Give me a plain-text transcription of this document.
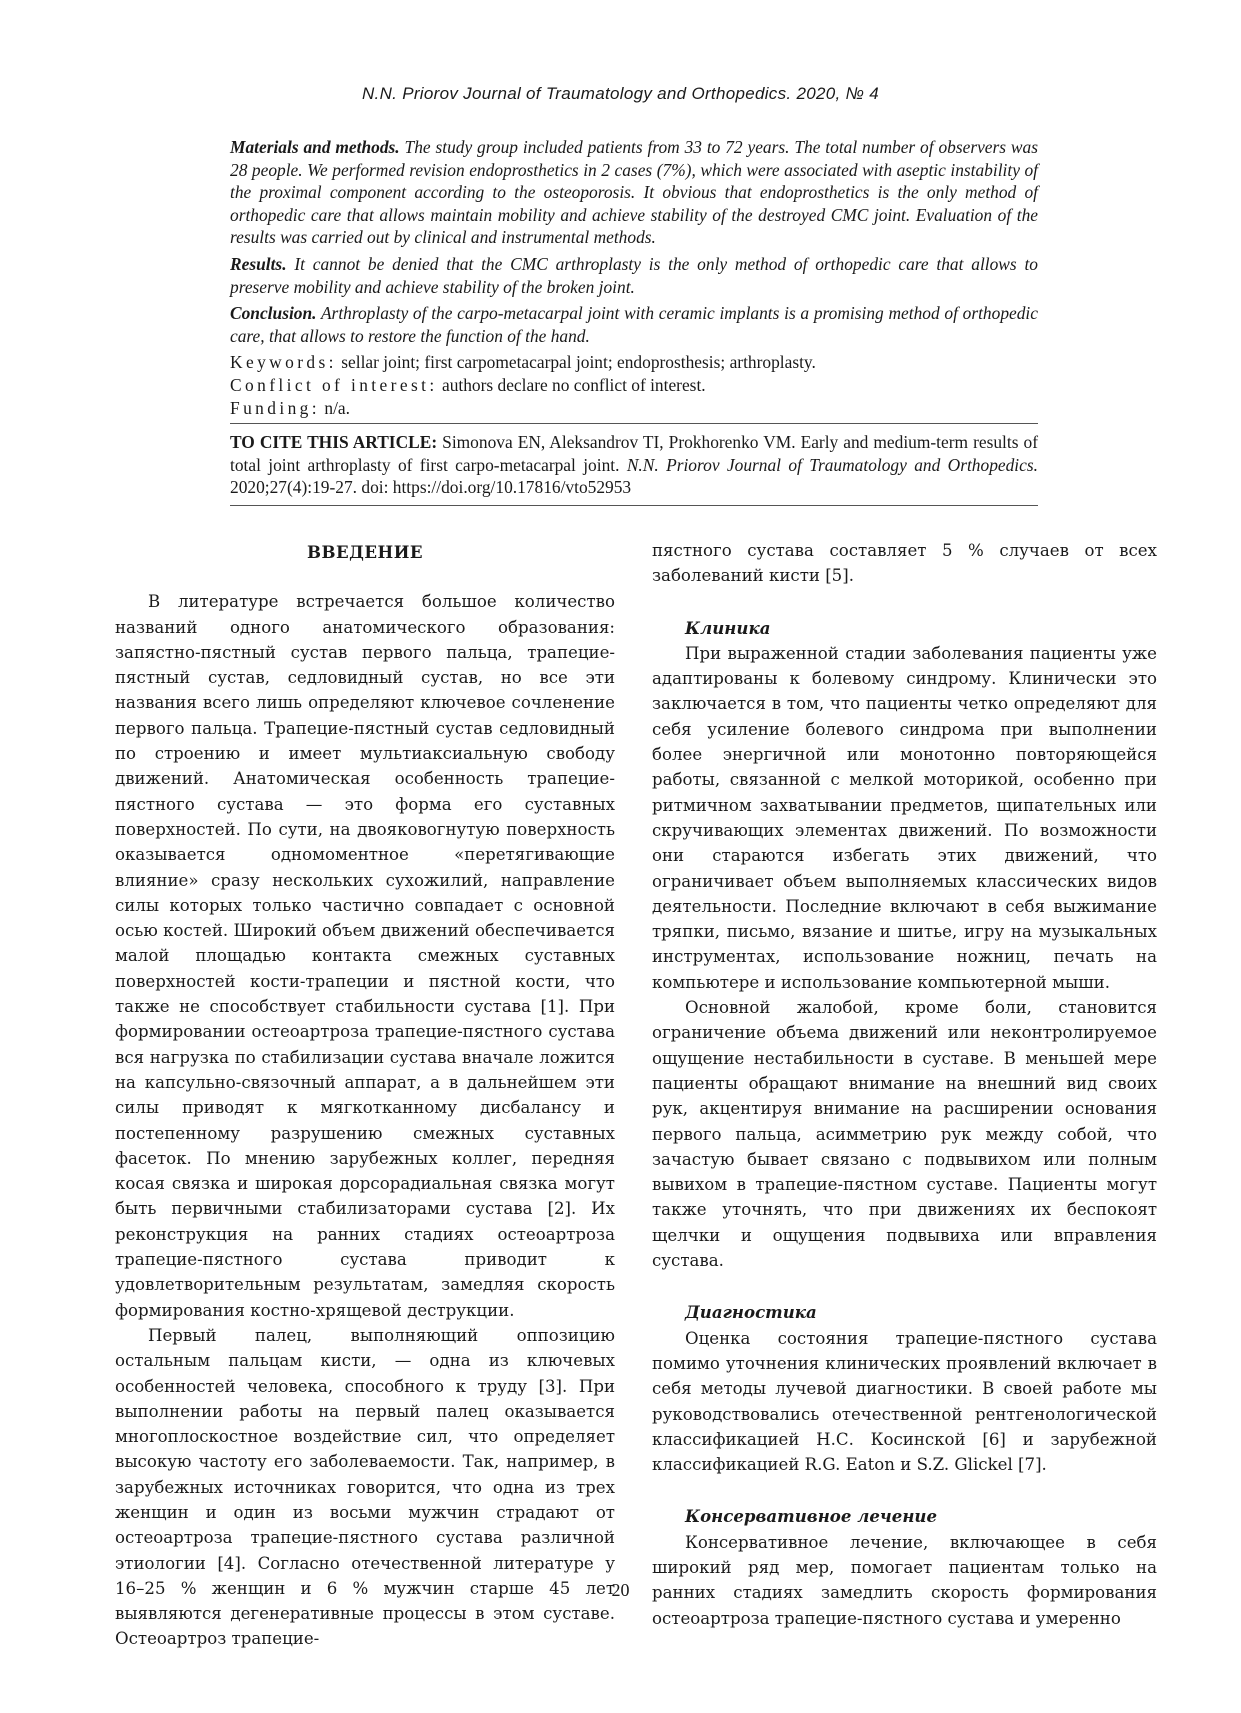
N.N. Priorov Journal of Traumatology and Orthopedics. 2020, № 4

Materials and methods. The study group included patients from 33 to 72 years. The total number of observers was 28 people. We performed revision endoprosthetics in 2 cases (7%), which were associated with aseptic instability of the proximal component according to the osteoporosis. It obvious that endoprosthetics is the only method of orthopedic care that allows maintain mobility and achieve stability of the destroyed CMC joint. Evaluation of the results was carried out by clinical and instrumental methods.

Results. It cannot be denied that the CMC arthroplasty is the only method of orthopedic care that allows to preserve mobility and achieve stability of the broken joint.

Conclusion. Arthroplasty of the carpo-metacarpal joint with ceramic implants is a promising method of orthopedic care, that allows to restore the function of the hand.

Keywords: sellar joint; first carpometacarpal joint; endoprosthesis; arthroplasty.

Conflict of interest: authors declare no conflict of interest.

Funding: n/a.

TO CITE THIS ARTICLE: Simonova EN, Aleksandrov TI, Prokhorenko VM. Early and medium-term results of total joint arthroplasty of first carpo-metacarpal joint. N.N. Priorov Journal of Traumatology and Orthopedics. 2020;27(4):19-27. doi: https://doi.org/10.17816/vto52953

ВВЕДЕНИЕ

В литературе встречается большое количество названий одного анатомического образования: запястно-пястный сустав первого пальца, трапецие-пястный сустав, седловидный сустав, но все эти названия всего лишь определяют ключевое сочленение первого пальца. Трапецие-пястный сустав седловидный по строению и имеет мультиаксиальную свободу движений. Анатомическая особенность трапецие-пястного сустава — это форма его суставных поверхностей. По сути, на двояковогнутую поверхность оказывается одномоментное «перетягивающие влияние» сразу нескольких сухожилий, направление силы которых только частично совпадает с основной осью костей. Широкий объем движений обеспечивается малой площадью контакта смежных суставных поверхностей кости-трапеции и пястной кости, что также не способствует стабильности сустава [1]. При формировании остеоартроза трапецие-пястного сустава вся нагрузка по стабилизации сустава вначале ложится на капсульно-связочный аппарат, а в дальнейшем эти силы приводят к мягкотканному дисбалансу и постепенному разрушению смежных суставных фасеток. По мнению зарубежных коллег, передняя косая связка и широкая дорсорадиальная связка могут быть первичными стабилизаторами сустава [2]. Их реконструкция на ранних стадиях остеоартроза трапецие-пястного сустава приводит к удовлетворительным результатам, замедляя скорость формирования костно-хрящевой деструкции.

Первый палец, выполняющий оппозицию остальным пальцам кисти, — одна из ключевых особенностей человека, способного к труду [3]. При выполнении работы на первый палец оказывается многоплоскостное воздействие сил, что определяет высокую частоту его заболеваемости. Так, например, в зарубежных источниках говорится, что одна из трех женщин и один из восьми мужчин страдают от остеоартроза трапецие-пястного сустава различной этиологии [4]. Согласно отечественной литературе у 16–25 % женщин и 6 % мужчин старше 45 лет выявляются дегенеративные процессы в этом суставе. Остеоартроз трапецие-

пястного сустава составляет 5 % случаев от всех заболеваний кисти [5].

Клиника

При выраженной стадии заболевания пациенты уже адаптированы к болевому синдрому. Клинически это заключается в том, что пациенты четко определяют для себя усиление болевого синдрома при выполнении более энергичной или монотонно повторяющейся работы, связанной с мелкой моторикой, особенно при ритмичном захватывании предметов, щипательных или скручивающих элементах движений. По возможности они стараются избегать этих движений, что ограничивает объем выполняемых классических видов деятельности. Последние включают в себя выжимание тряпки, письмо, вязание и шитье, игру на музыкальных инструментах, использование ножниц, печать на компьютере и использование компьютерной мыши.

Основной жалобой, кроме боли, становится ограничение объема движений или неконтролируемое ощущение нестабильности в суставе. В меньшей мере пациенты обращают внимание на внешний вид своих рук, акцентируя внимание на расширении основания первого пальца, асимметрию рук между собой, что зачастую бывает связано с подвывихом или полным вывихом в трапецие-пястном суставе. Пациенты могут также уточнять, что при движениях их беспокоят щелчки и ощущения подвывиха или вправления сустава.

Диагностика

Оценка состояния трапецие-пястного сустава помимо уточнения клинических проявлений включает в себя методы лучевой диагностики. В своей работе мы руководствовались отечественной рентгенологической классификацией Н.С. Косинской [6] и зарубежной классификацией R.G. Eaton и S.Z. Glickel [7].

Консервативное лечение

Консервативное лечение, включающее в себя широкий ряд мер, помогает пациентам только на ранних стадиях замедлить скорость формирования остеоартроза трапецие-пястного сустава и умеренно

20
